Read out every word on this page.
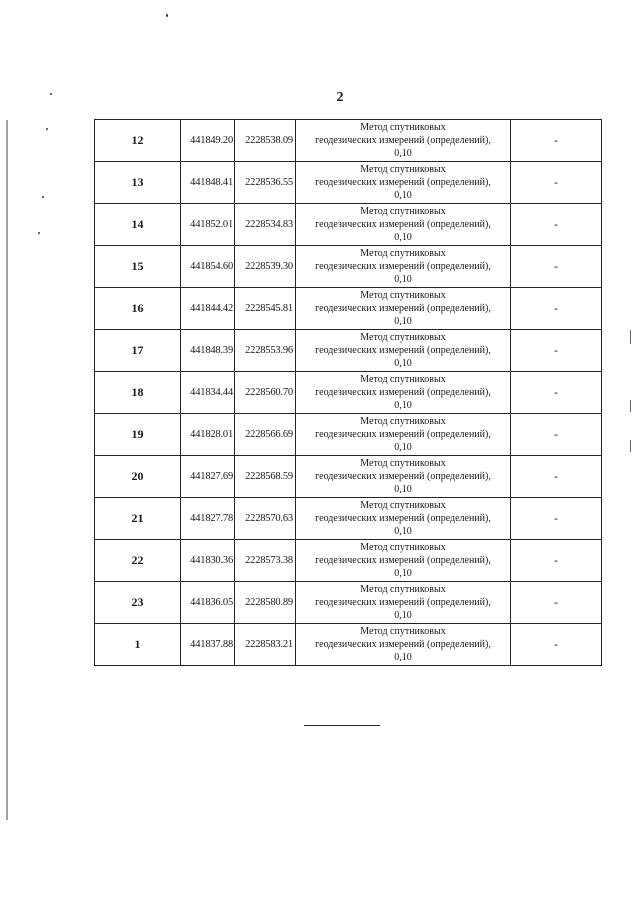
2
12	441849.20	2228538.09	Метод спутниковых
геодезических измерений (определений),
0,10	-
13	441848.41	2228536.55	Метод спутниковых
геодезических измерений (определений),
0,10	-
14	441852.01	2228534.83	Метод спутниковых
геодезических измерений (определений),
0,10	-
15	441854.60	2228539.30	Метод спутниковых
геодезических измерений (определений),
0,10	-
16	441844.42	2228545.81	Метод спутниковых
геодезических измерений (определений),
0,10	-
17	441848.39	2228553.96	Метод спутниковых
геодезических измерений (определений),
0,10	-
18	441834.44	2228560.70	Метод спутниковых
геодезических измерений (определений),
0,10	-
19	441828.01	2228566.69	Метод спутниковых
геодезических измерений (определений),
0,10	-
20	441827.69	2228568.59	Метод спутниковых
геодезических измерений (определений),
0,10	-
21	441827.78	2228570.63	Метод спутниковых
геодезических измерений (определений),
0,10	-
22	441830.36	2228573.38	Метод спутниковых
геодезических измерений (определений),
0,10	-
23	441836.05	2228580.89	Метод спутниковых
геодезических измерений (определений),
0,10	-
1	441837.88	2228583.21	Метод спутниковых
геодезических измерений (определений),
0,10	-
